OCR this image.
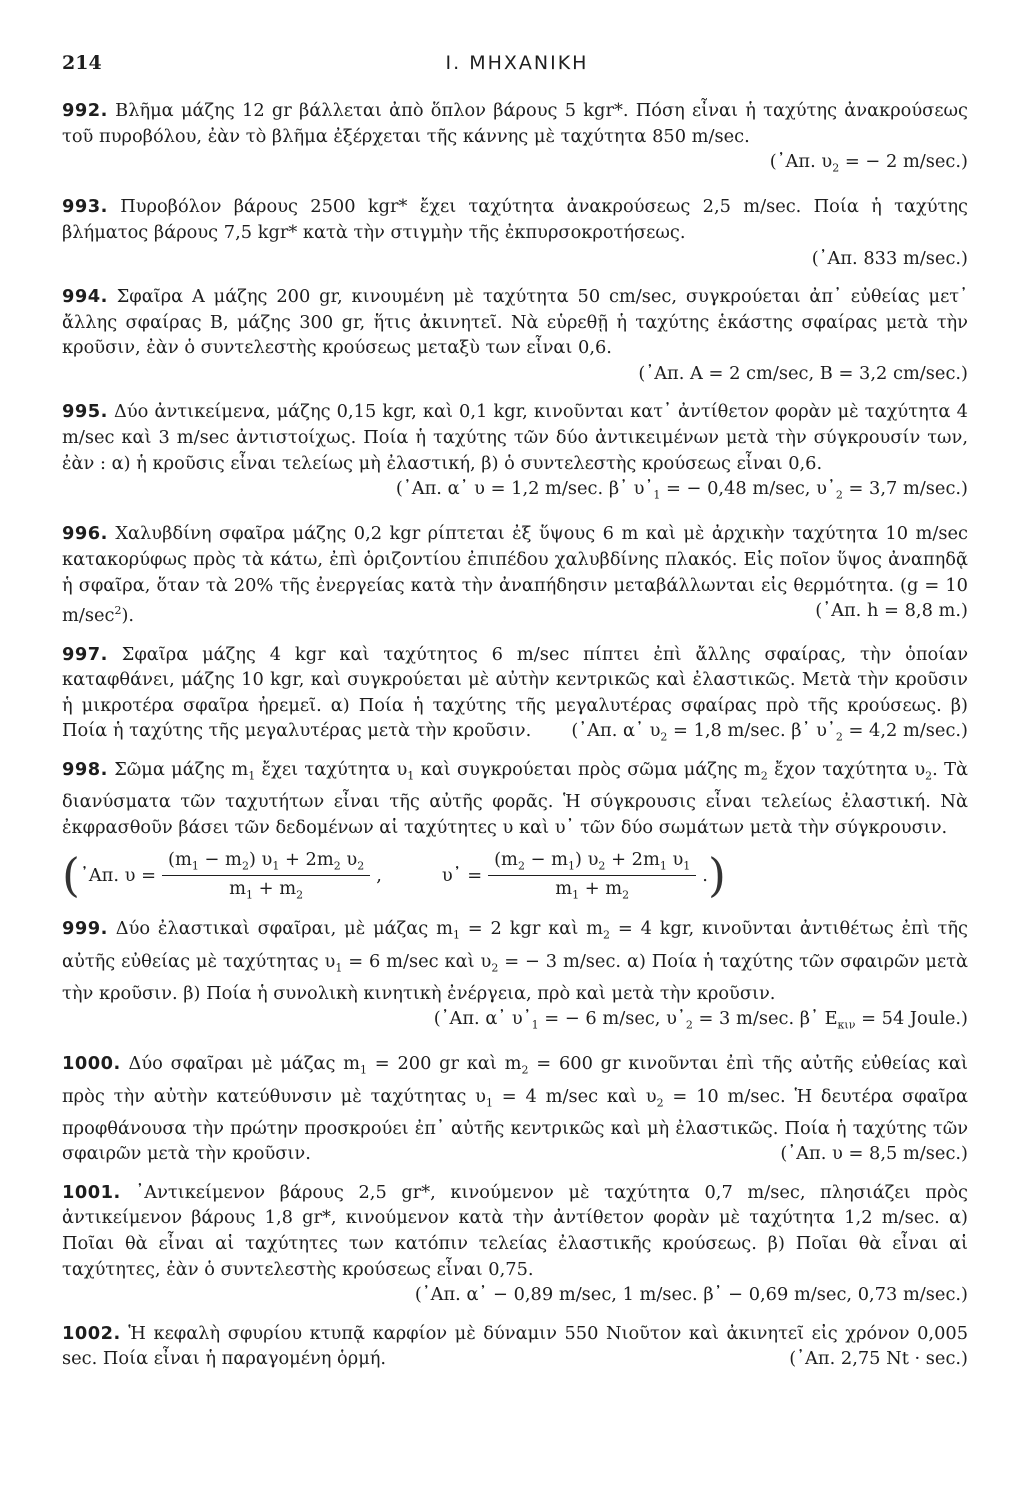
214	I. ΜΗΧΑΝΙΚΗ
992. Βλῆμα μάζης 12 gr βάλλεται ἀπὸ ὅπλον βάρους 5 kgr*. Πόση εἶναι ἡ ταχύτης ἀνακρούσεως τοῦ πυροβόλου, ἐὰν τὸ βλῆμα ἐξέρχεται τῆς κάννης μὲ ταχύτητα 850 m/sec.
(᾿Απ. $\upsilon_2$ = − 2 m/sec.)
993. Πυροβόλον βάρους 2500 kgr* ἔχει ταχύτητα ἀνακρούσεως 2,5 m/sec. Ποία ἡ ταχύτης βλήματος βάρους 7,5 kgr* κατὰ τὴν στιγμὴν τῆς ἐκπυρσοκροτήσεως.
(᾿Απ. 833 m/sec.)
994. Σφαῖρα Α μάζης 200 gr, κινουμένη μὲ ταχύτητα 50 cm/sec, συγκρούεται ἀπ᾿ εὐθείας μετ᾿ ἄλλης σφαίρας Β, μάζης 300 gr, ἥτις ἀκινητεῖ. Νὰ εὑρεθῇ ἡ ταχύτης ἑκάστης σφαίρας μετὰ τὴν κροῦσιν, ἐὰν ὁ συντελεστὴς κρούσεως μεταξὺ των εἶναι 0,6.
(᾿Απ. Α = 2 cm/sec, Β = 3,2 cm/sec.)
995. Δύο ἀντικείμενα, μάζης 0,15 kgr, καὶ 0,1 kgr, κινοῦνται κατ᾿ ἀντίθετον φορὰν μὲ ταχύτητα 4 m/sec καὶ 3 m/sec ἀντιστοίχως. Ποία ἡ ταχύτης τῶν δύο ἀντικειμένων μετὰ τὴν σύγκρουσίν των, ἐὰν : α) ἡ κροῦσις εἶναι τελείως μὴ ἐλαστική, β) ὁ συντελεστὴς κρούσεως εἶναι 0,6.
(᾿Απ. α᾿ υ = 1,2 m/sec. β᾿ $\upsilon᾿_1$ = − 0,48 m/sec, $\upsilon᾿_2 = 3,7$ m/sec.)
996. Χαλυβδίνη σφαῖρα μάζης 0,2 kgr ρίπτεται ἐξ ὕψους 6 m καὶ μὲ ἀρχικὴν ταχύτητα 10 m/sec κατακορύφως πρὸς τὰ κάτω, ἐπὶ ὁριζοντίου ἐπιπέδου χαλυβδίνης πλακός. Εἰς ποῖον ὕψος ἀναπηδᾷ ἡ σφαῖρα, ὅταν τὰ 20% τῆς ἐνεργείας κατὰ τὴν ἀναπήδησιν μεταβάλλωνται εἰς θερμότητα. (g = 10 $m/\sec^2$).	(᾿Απ. h = 8,8 m.)
997. Σφαῖρα μάζης 4 kgr καὶ ταχύτητος 6 m/sec πίπτει ἐπὶ ἄλλης σφαίρας, τὴν ὁποίαν καταφθάνει, μάζης 10 kgr, καὶ συγκρούεται μὲ αὐτὴν κεντρικῶς καὶ ἐλαστικῶς. Μετὰ τὴν κροῦσιν ἡ μικροτέρα σφαῖρα ἠρεμεῖ. α) Ποία ἡ ταχύτης τῆς μεγαλυτέρας σφαίρας πρὸ τῆς κρούσεως. β) Ποία ἡ ταχύτης τῆς μεγαλυτέρας μετὰ τὴν κροῦσιν. (᾿Απ. α᾿ $\upsilon_2 = 1,8$ m/sec. β᾿ $\upsilon᾿_2 = 4,2$ m/sec.)
998. Σῶμα μάζης $m_1$ ἔχει ταχύτητα $\upsilon_1$ καὶ συγκρούεται πρὸς σῶμα μάζης $m_2$ ἔχον ταχύτητα $\upsilon_2$. Τὰ διανύσματα τῶν ταχυτήτων εἶναι τῆς αὐτῆς φορᾶς. Ἡ σύγκρουσις εἶναι τελείως ἐλαστική. Νὰ ἐκφρασθοῦν βάσει τῶν δεδομένων αἱ ταχύτητες υ καὶ υ᾿ τῶν δύο σωμάτων μετὰ τὴν σύγκρουσιν.
( ᾿Απ. $\upsilon = \frac{(m_1 - m_2) \upsilon_1 + 2m_2 \upsilon_2}{m_1 + m_2}$ ,	υ᾿ = $\frac{(m_2 - m_1) \upsilon_2 + 2m_1 \upsilon_1}{m_1 + m_2}$ . )
999. Δύο ἐλαστικαὶ σφαῖραι, μὲ μάζας $m_1 = 2$ kgr καὶ $m_2 = 4$ kgr, κινοῦνται ἀντιθέτως ἐπὶ τῆς αὐτῆς εὐθείας μὲ ταχύτητας $\upsilon_1 = 6$ m/sec καὶ $\upsilon_2$ = − 3 m/sec. α) Ποία ἡ ταχύτης τῶν σφαιρῶν μετὰ τὴν κροῦσιν. β) Ποία ἡ συνολικὴ κινητικὴ ἐνέργεια, πρὸ καὶ μετὰ τὴν κροῦσιν.
(᾿Απ. α᾿ $\upsilon᾿_1$ = − 6 m/sec, $\upsilon᾿_2 = 3$ m/sec. β᾿ $E_{\kappa\iota\nu} = 54$ Joule.)
1000. Δύο σφαῖραι μὲ μάζας $m_1 = 200$ gr καὶ $m_2 = 600$ gr κινοῦνται ἐπὶ τῆς αὐτῆς εὐθείας καὶ πρὸς τὴν αὐτὴν κατεύθυνσιν μὲ ταχύτητας $\upsilon_1 = 4$ m/sec καὶ $\upsilon_2 = 10$ m/sec. Ἡ δευτέρα σφαῖρα προφθάνουσα τὴν πρώτην προσκρούει ἐπ᾿ αὐτῆς κεντρικῶς καὶ μὴ ἐλαστικῶς. Ποία ἡ ταχύτης τῶν σφαιρῶν μετὰ τὴν κροῦσιν.	(᾿Απ. υ = 8,5 m/sec.)
1001. ᾿Αντικείμενον βάρους 2,5 gr*, κινούμενον μὲ ταχύτητα 0,7 m/sec, πλησιάζει πρὸς ἀντικείμενον βάρους 1,8 gr*, κινούμενον κατὰ τὴν ἀντίθετον φορὰν μὲ ταχύτητα 1,2 m/sec. α) Ποῖαι θὰ εἶναι αἱ ταχύτητες των κατόπιν τελείας ἐλαστικῆς κρούσεως. β) Ποῖαι θὰ εἶναι αἱ ταχύτητες, ἐὰν ὁ συντελεστὴς κρούσεως εἶναι 0,75.
(᾿Απ. α᾿ − 0,89 m/sec, 1 m/sec. β᾿ − 0,69 m/sec, 0,73 m/sec.)
1002. Ἡ κεφαλὴ σφυρίου κτυπᾷ καρφίον μὲ δύναμιν 550 Νιοῦτον καὶ ἀκινητεῖ εἰς χρόνον 0,005 sec. Ποία εἶναι ἡ παραγομένη ὁρμή.	(᾿Απ. 2,75 Nt · sec.)
